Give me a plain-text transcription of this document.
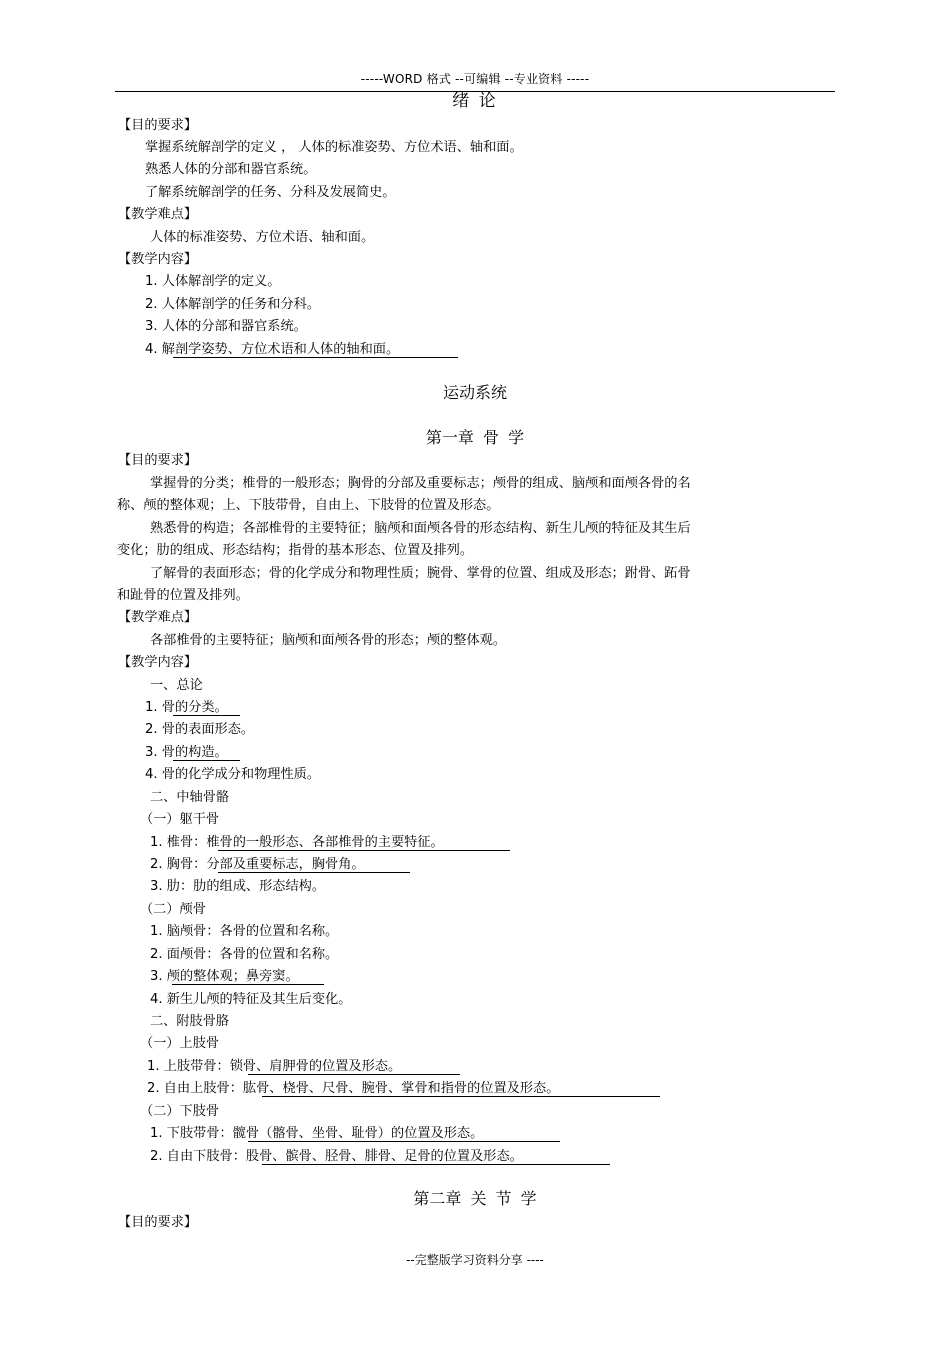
-----WORD 格式 --可编辑 --专业资料 -----
绪 论
【目的要求】
掌握系统解剖学的定义 ， 人体的标准姿势、方位术语、轴和面。
熟悉人体的分部和器官系统。
了解系统解剖学的任务、分科及发展简史。
【教学难点】
人体的标准姿势、方位术语、轴和面。
【教学内容】
1. 人体解剖学的定义。
2. 人体解剖学的任务和分科。
3. 人体的分部和器官系统。
4. 解剖学姿势、方位术语和人体的轴和面。
运动系统
第一章 骨 学
【目的要求】
掌握骨的分类；椎骨的一般形态；胸骨的分部及重要标志；颅骨的组成、脑颅和面颅各骨的名
称、颅的整体观；上、下肢带骨，自由上、下肢骨的位置及形态。
熟悉骨的构造；各部椎骨的主要特征；脑颅和面颅各骨的形态结构、新生儿颅的特征及其生后
变化；肋的组成、形态结构；指骨的基本形态、位置及排列。
了解骨的表面形态；骨的化学成分和物理性质；腕骨、掌骨的位置、组成及形态；跗骨、跖骨
和趾骨的位置及排列。
【教学难点】
各部椎骨的主要特征；脑颅和面颅各骨的形态；颅的整体观。
【教学内容】
一、总论
1. 骨的分类。
2. 骨的表面形态。
3. 骨的构造。
4. 骨的化学成分和物理性质。
二、中轴骨骼
（一）躯干骨
1. 椎骨：椎骨的一般形态、各部椎骨的主要特征。
2. 胸骨：分部及重要标志，胸骨角。
3. 肋：肋的组成、形态结构。
（二）颅骨
1. 脑颅骨：各骨的位置和名称。
2. 面颅骨：各骨的位置和名称。
3. 颅的整体观；鼻旁窦。
4. 新生儿颅的特征及其生后变化。
二、附肢骨胳
（一）上肢骨
1. 上肢带骨：锁骨、肩胛骨的位置及形态。
2. 自由上肢骨：肱骨、桡骨、尺骨、腕骨、掌骨和指骨的位置及形态。
（二）下肢骨
1. 下肢带骨：髋骨（髂骨、坐骨、耻骨）的位置及形态。
2. 自由下肢骨：股骨、髌骨、胫骨、腓骨、足骨的位置及形态。
第二章 关 节 学
【目的要求】
--完整版学习资料分享 ----
